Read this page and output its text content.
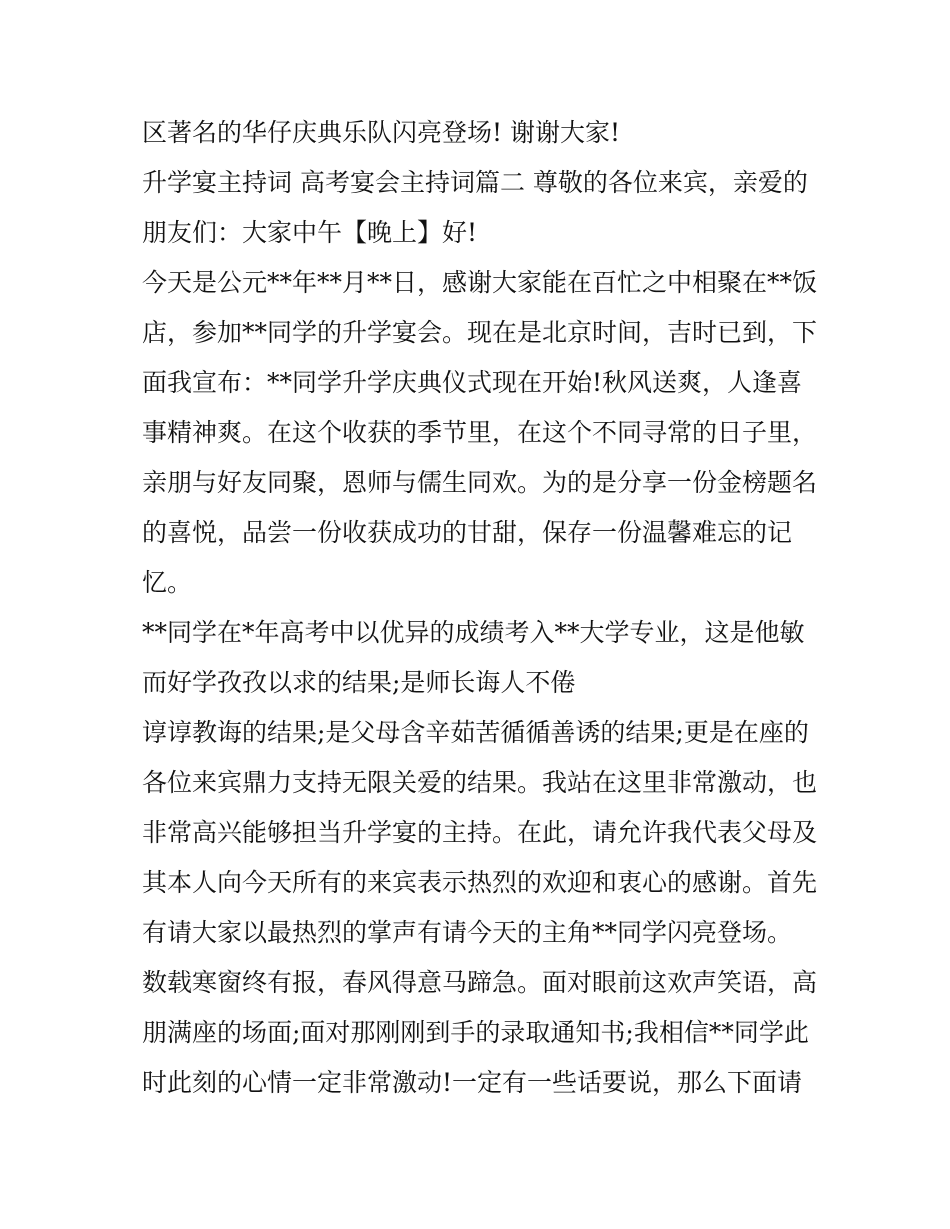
区著名的华仔庆典乐队闪亮登场! 谢谢大家!
升学宴主持词 高考宴会主持词篇二 尊敬的各位来宾，亲爱的
朋友们：大家中午【晚上】好!
今天是公元**年**月**日，感谢大家能在百忙之中相聚在**饭
店，参加**同学的升学宴会。现在是北京时间，吉时已到，下
面我宣布：**同学升学庆典仪式现在开始!秋风送爽，人逢喜
事精神爽。在这个收获的季节里，在这个不同寻常的日子里，
亲朋与好友同聚，恩师与儒生同欢。为的是分享一份金榜题名
的喜悦，品尝一份收获成功的甘甜，保存一份温馨难忘的记
忆。
**同学在*年高考中以优异的成绩考入**大学专业，这是他敏
而好学孜孜以求的结果;是师长诲人不倦
谆谆教诲的结果;是父母含辛茹苦循循善诱的结果;更是在座的
各位来宾鼎力支持无限关爱的结果。我站在这里非常激动，也
非常高兴能够担当升学宴的主持。在此，请允许我代表父母及
其本人向今天所有的来宾表示热烈的欢迎和衷心的感谢。首先
有请大家以最热烈的掌声有请今天的主角**同学闪亮登场。
数载寒窗终有报，春风得意马蹄急。面对眼前这欢声笑语，高
朋满座的场面;面对那刚刚到手的录取通知书;我相信**同学此
时此刻的心情一定非常激动!一定有一些话要说，那么下面请
